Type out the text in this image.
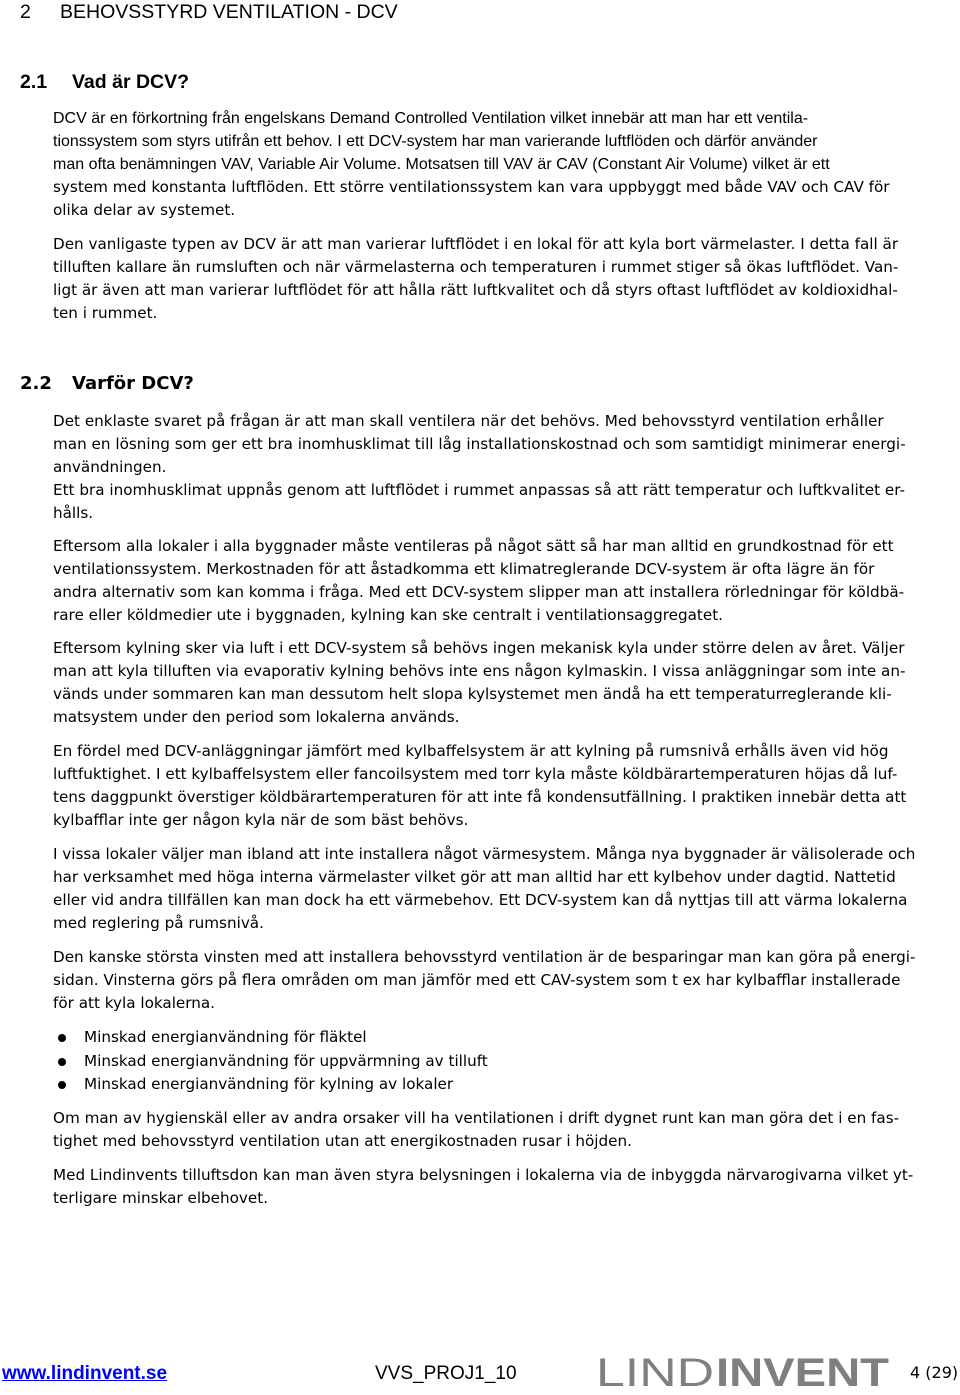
2 BEHOVSSTYRD VENTILATION - DCV
2.1 Vad är DCV?
DCV är en förkortning från engelskans Demand Controlled Ventilation vilket innebär att man har ett ventila-
tionssystem som styrs utifrån ett behov. I ett DCV-system har man varierande luftflöden och därför använder
man ofta benämningen VAV, Variable Air Volume. Motsatsen till VAV är CAV (Constant Air Volume) vilket är ett
system med konstanta luftflöden. Ett större ventilationssystem kan vara uppbyggt med både VAV och CAV för
olika delar av systemet.
Den vanligaste typen av DCV är att man varierar luftflödet i en lokal för att kyla bort värmelaster. I detta fall är
tilluften kallare än rumsluften och när värmelasterna och temperaturen i rummet stiger så ökas luftflödet. Van-
ligt är även att man varierar luftflödet för att hålla rätt luftkvalitet och då styrs oftast luftflödet av koldioxidhal-
ten i rummet.
2.2 Varför DCV?
Det enklaste svaret på frågan är att man skall ventilera när det behövs. Med behovsstyrd ventilation erhåller
man en lösning som ger ett bra inomhusklimat till låg installationskostnad och som samtidigt minimerar energi-
användningen.
Ett bra inomhusklimat uppnås genom att luftflödet i rummet anpassas så att rätt temperatur och luftkvalitet er-
hålls.
Eftersom alla lokaler i alla byggnader måste ventileras på något sätt så har man alltid en grundkostnad för ett
ventilationssystem. Merkostnaden för att åstadkomma ett klimatreglerande DCV-system är ofta lägre än för
andra alternativ som kan komma i fråga. Med ett DCV-system slipper man att installera rörledningar för köldbä-
rare eller köldmedier ute i byggnaden, kylning kan ske centralt i ventilationsaggregatet.
Eftersom kylning sker via luft i ett DCV-system så behövs ingen mekanisk kyla under större delen av året. Väljer
man att kyla tilluften via evaporativ kylning behövs inte ens någon kylmaskin. I vissa anläggningar som inte an-
vänds under sommaren kan man dessutom helt slopa kylsystemet men ändå ha ett temperaturreglerande kli-
matsystem under den period som lokalerna används.
En fördel med DCV-anläggningar jämfört med kylbaffelsystem är att kylning på rumsnivå erhålls även vid hög
luftfuktighet. I ett kylbaffelsystem eller fancoilsystem med torr kyla måste köldbärartemperaturen höjas då luf-
tens daggpunkt överstiger köldbärartemperaturen för att inte få kondensutfällning. I praktiken innebär detta att
kylbafflar inte ger någon kyla när de som bäst behövs.
I vissa lokaler väljer man ibland att inte installera något värmesystem. Många nya byggnader är välisolerade och
har verksamhet med höga interna värmelaster vilket gör att man alltid har ett kylbehov under dagtid. Nattetid
eller vid andra tillfällen kan man dock ha ett värmebehov. Ett DCV-system kan då nyttjas till att värma lokalerna
med reglering på rumsnivå.
Den kanske största vinsten med att installera behovsstyrd ventilation är de besparingar man kan göra på energi-
sidan. Vinsterna görs på flera områden om man jämför med ett CAV-system som t ex har kylbafflar installerade
för att kyla lokalerna.
Minskad energianvändning för fläktel
Minskad energianvändning för uppvärmning av tilluft
Minskad energianvändning för kylning av lokaler
Om man av hygienskäl eller av andra orsaker vill ha ventilationen i drift dygnet runt kan man göra det i en fas-
tighet med behovsstyrd ventilation utan att energikostnaden rusar i höjden.
Med Lindinvents tilluftsdon kan man även styra belysningen i lokalerna via de inbyggda närvarogivarna vilket yt-
terligare minskar elbehovet.
www.lindinvent.se	VVS_PROJ1_10 LIND INVENT 4 (29)
